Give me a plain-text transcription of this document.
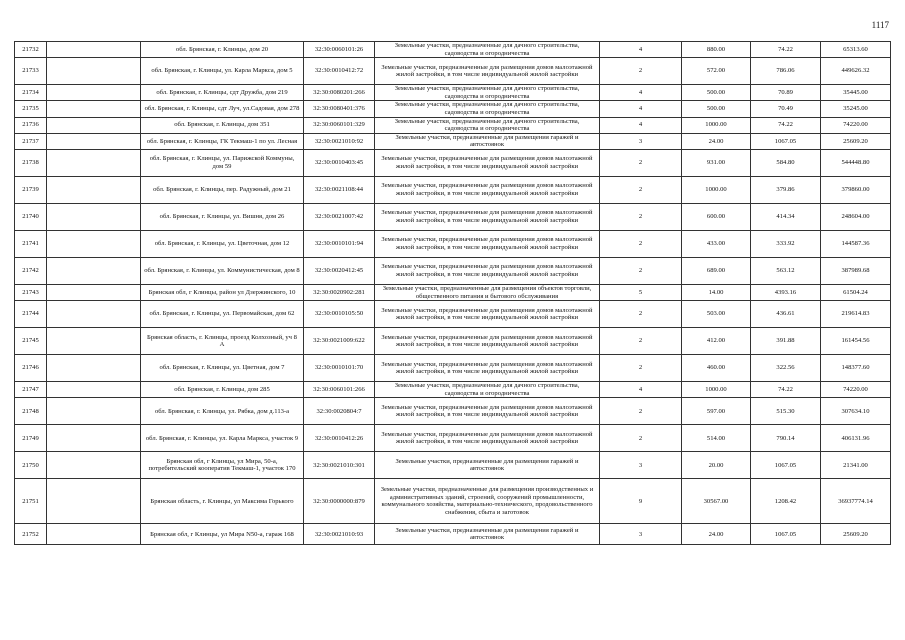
1117
21732		обл. Брянская, г. Клинцы, дом 20	32:30:0060101:26	Земельные участки, предназначенные для дачного строительства, садоводства и огородничества	4	880.00	74.22	65313.60
21733		обл. Брянская, г. Клинцы, ул. Карла Маркса, дом 5	32:30:0010412:72	Земельные участки, предназначенные для размещения домов малоэтажной жилой застройки, в том числе индивидуальной жилой застройки	2	572.00	786.06	449626.32
21734		обл. Брянская, г. Клинцы, сдт Дружба, дом 219	32:30:0080201:266	Земельные участки, предназначенные для дачного строительства, садоводства и огородничества	4	500.00	70.89	35445.00
21735		обл. Брянская, г. Клинцы, сдт Луч, ул.Садовая, дом 278	32:30:0080401:376	Земельные участки, предназначенные для дачного строительства, садоводства и огородничества	4	500.00	70.49	35245.00
21736		обл. Брянская, г. Клинцы, дом 351	32:30:0060101:329	Земельные участки, предназначенные для дачного строительства, садоводства и огородничества	4	1000.00	74.22	74220.00
21737		обл. Брянская, г. Клинцы, ГК Текмаш-1 по ул. Лесная	32:30:0021010:92	Земельные участки, предназначенные для размещения гаражей и автостоянок	3	24.00	1067.05	25609.20
21738		обл. Брянская, г. Клинцы, ул. Парижской Коммуны, дом 59	32:30:0010403:45	Земельные участки, предназначенные для размещения домов малоэтажной жилой застройки, в том числе индивидуальной жилой застройки	2	931.00	584.80	544448.80
21739		обл. Брянская, г. Клинцы, пер. Радужный, дом 21	32:30:0021108:44	Земельные участки, предназначенные для размещения домов малоэтажной жилой застройки, в том числе индивидуальной жилой застройки	2	1000.00	379.86	379860.00
21740		обл. Брянская, г. Клинцы, ул. Вишня, дом 26	32:30:0021007:42	Земельные участки, предназначенные для размещения домов малоэтажной жилой застройки, в том числе индивидуальной жилой застройки	2	600.00	414.34	248604.00
21741		обл. Брянская, г. Клинцы, ул. Цветочная, дом 12	32:30:0010101:94	Земельные участки, предназначенные для размещения домов малоэтажной жилой застройки, в том числе индивидуальной жилой застройки	2	433.00	333.92	144587.36
21742		обл. Брянская, г. Клинцы, ул. Коммунистическая, дом 8	32:30:0020412:45	Земельные участки, предназначенные для размещения домов малоэтажной жилой застройки, в том числе индивидуальной жилой застройки	2	689.00	563.12	387989.68
21743		Брянская обл, г Клинцы, район ул Дзержинского, 10	32:30:0020902:281	Земельные участки, предназначенные для размещения объектов торговли, общественного питания и бытового обслуживания	5	14.00	4393.16	61504.24
21744		обл. Брянская, г. Клинцы, ул. Первомайская, дом 62	32:30:0010105:50	Земельные участки, предназначенные для размещения домов малоэтажной жилой застройки, в том числе индивидуальной жилой застройки	2	503.00	436.61	219614.83
21745		Брянская область, г. Клинцы, проезд Колхозный, уч 8 А	32:30:0021009:622	Земельные участки, предназначенные для размещения домов малоэтажной жилой застройки, в том числе индивидуальной жилой застройки	2	412.00	391.88	161454.56
21746		обл. Брянская, г. Клинцы, ул. Цветная, дом 7	32:30:0010101:70	Земельные участки, предназначенные для размещения домов малоэтажной жилой застройки, в том числе индивидуальной жилой застройки	2	460.00	322.56	148377.60
21747		обл. Брянская, г. Клинцы, дом 285	32:30:0060101:266	Земельные участки, предназначенные для дачного строительства, садоводства и огородничества	4	1000.00	74.22	74220.00
21748		обл. Брянская, г. Клинцы, ул. Рябка, дом д.113-а	32:30:0020804:7	Земельные участки, предназначенные для размещения домов малоэтажной жилой застройки, в том числе индивидуальной жилой застройки	2	597.00	515.30	307634.10
21749		обл. Брянская, г. Клинцы, ул. Карла Маркса, участок 9	32:30:0010412:26	Земельные участки, предназначенные для размещения домов малоэтажной жилой застройки, в том числе индивидуальной жилой застройки	2	514.00	790.14	406131.96
21750		Брянская обл, г Клинцы, ул Мира, 50-а, потребительский кооператив Текмаш-1, участок 170	32:30:0021010:301	Земельные участки, предназначенные для размещения гаражей и автостоянок	3	20.00	1067.05	21341.00
21751		Брянская область, г. Клинцы, ул Максима Горького	32:30:0000000:879	Земельные участки, предназначенные для размещения производственных и административных зданий, строений, сооружений промышленности, коммунального хозяйства, материально-технического, продовольственного снабжения, сбыта и заготовок	9	30567.00	1208.42	36937774.14
21752		Брянская обл, г Клинцы, ул Мира N50-а, гараж 168	32:30:0021010:93	Земельные участки, предназначенные для размещения гаражей и автостоянок	3	24.00	1067.05	25609.20
